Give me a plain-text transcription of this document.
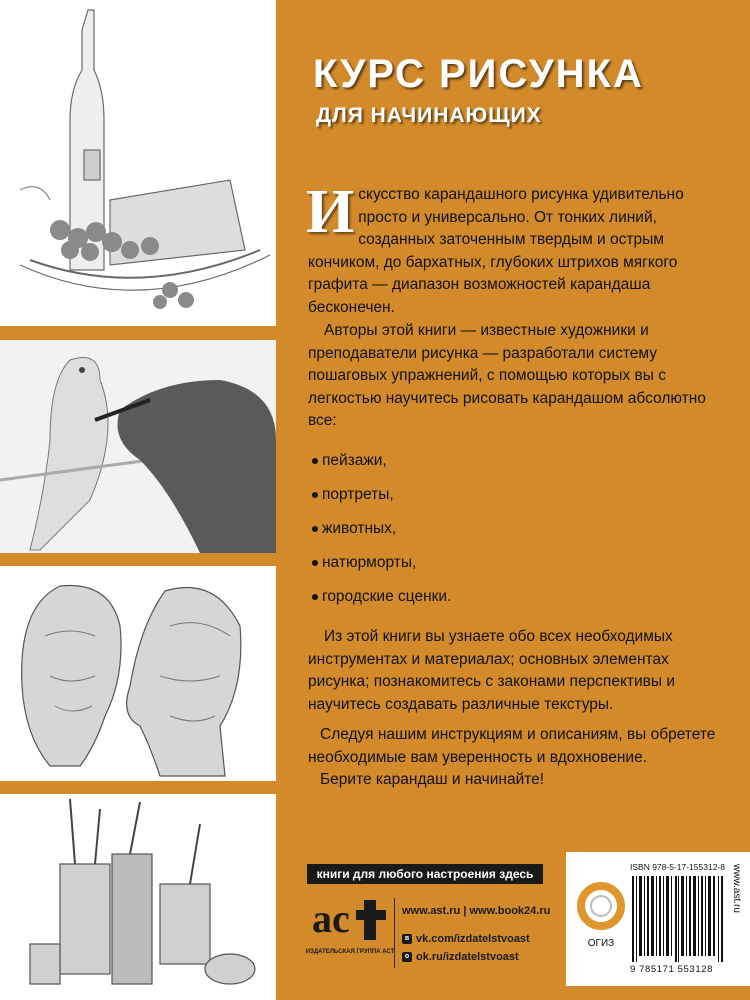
КУРС РИСУНКА
ДЛЯ НАЧИНАЮЩИХ
И скусство карандашного рисунка удивительно просто и универсально. От тонких линий, созданных заточенным твердым и острым кончиком, до бархатных, глубоких штрихов мягкого графита — диапазон возможностей карандаша бесконечен.
Авторы этой книги — известные художники и преподаватели рисунка — разработали систему пошаговых упражнений, с помощью которых вы с легкостью научитесь рисовать карандашом абсолютно все:
пейзажи,
портреты,
животных,
натюрморты,
городские сценки.
Из этой книги вы узнаете обо всех необходимых инструментах и материалах; основных элементах рисунка; познакомитесь с законами перспективы и научитесь создавать различные текстуры.
Следуя нашим инструкциям и описаниям, вы обретете необходимые вам уверенность и вдохновение.
Берите карандаш и начинайте!
книги для любого настроения здесь
ас
ИЗДАТЕЛЬСКАЯ ГРУППА АСТ
www.ast.ru | www.book24.ru
в vk.com/izdatelstvoast
о ok.ru/izdatelstvoast
ОГИЗ
ISBN 978-5-17-155312-8
9 785171 553128
www.ast.ru
